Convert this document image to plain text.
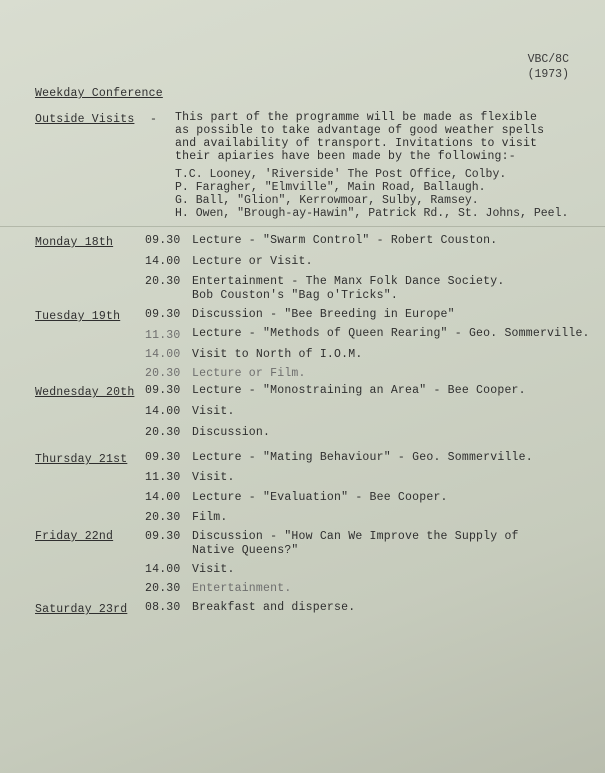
VBC/8C
(1973)
Weekday Conference
Outside Visits - This part of the programme will be made as flexible
as possible to take advantage of good weather spells
and availability of transport. Invitations to visit
their apiaries have been made by the following:-
T.C. Looney, 'Riverside' The Post Office, Colby.
P. Faragher, "Elmville", Main Road, Ballaugh.
G. Ball, "Glion", Kerrowmoar, Sulby, Ramsey.
H. Owen, "Brough-ay-Hawin", Patrick Rd., St. Johns, Peel.
Monday 18th	09.30 Lecture - "Swarm Control" - Robert Couston.
14.00 Lecture or Visit.
20.30 Entertainment - The Manx Folk Dance Society.
Bob Couston's "Bag o'Tricks".
Tuesday 19th 09.30 Discussion - "Bee Breeding in Europe"
11.30 Lecture - "Methods of Queen Rearing" - Geo. Sommerville.
14.00 Visit to North of I.O.M.
20.30 Lecture or Film.
Wednesday 20th 09.30 Lecture - "Monostraining an Area" - Bee Cooper.
14.00 Visit.
20.30 Discussion.
Thursday 21st 09.30 Lecture - "Mating Behaviour" - Geo. Sommerville.
11.30 Visit.
14.00 Lecture - "Evaluation" - Bee Cooper.
20.30 Film.
Friday 22nd	09.30 Discussion - "How Can We Improve the Supply of
Native Queens?"
14.00 Visit.
20.30 Entertainment.
Saturday 23rd 08.30 Breakfast and disperse.
